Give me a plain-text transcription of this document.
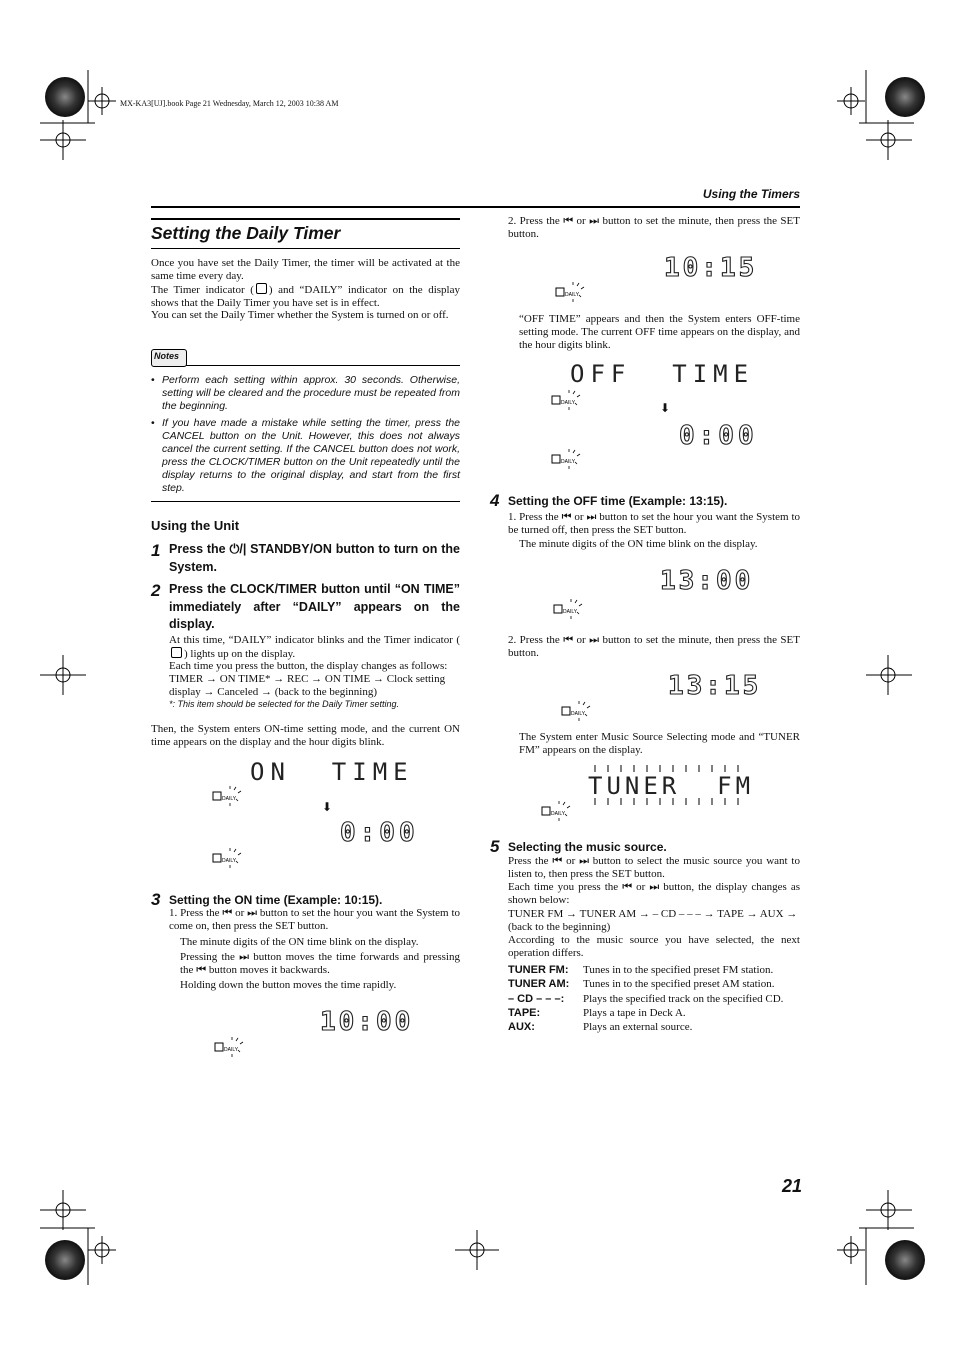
MX-KA3[UJ].book Page 21 Wednesday, March 12, 2003 10:38 AM
Using the Timers
Setting the Daily Timer
Once you have set the Daily Timer, the timer will be activated at the same time every day.
The Timer indicator ( ) and “DAILY” indicator on the display shows that the Daily Timer you have set is in effect.
You can set the Daily Timer whether the System is turned on or off.
Notes
• Perform each setting within approx. 30 seconds. Otherwise, setting will be cleared and the procedure must be repeated from the beginning.
• If you have made a mistake while setting the timer, press the CANCEL button on the Unit. However, this does not always cancel the current setting. If the CANCEL button does not work, press the CLOCK/TIMER button on the Unit repeatedly until the display returns to the original display, and start from the first step.
Using the Unit
1 Press the ⏻/| STANDBY/ON button to turn on the System.
2 Press the CLOCK/TIMER button until “ON TIME” immediately after “DAILY” appears on the display.
At this time, “DAILY” indicator blinks and the Timer indicator () lights up on the display.
Each time you press the button, the display changes as follows:
TIMER → ON TIME* → REC → ON TIME → Clock setting display → Canceled → (back to the beginning)
*: This item should be selected for the Daily Timer setting.
Then, the System enters ON-time setting mode, and the current ON time appears on the display and the hour digits blink.
ON  TIME
DAILY
⬇
0:00
DAILY
3 Setting the ON time (Example: 10:15).
1. Press the ⏮ or ⏭ button to set the hour you want the System to come on, then press the SET button.
The minute digits of the ON time blink on the display.
Pressing the ⏭ button moves the time forwards and pressing the ⏮ button moves it backwards.
Holding down the button moves the time rapidly.
10:00
DAILY
2. Press the ⏮ or ⏭ button to set the minute, then press the SET button.
10:15
DAILY
“OFF TIME” appears and then the System enters OFF-time setting mode. The current OFF time appears on the display, and the hour digits blink.
OFF  TIME
DAILY	⬇
0:00
DAILY
4 Setting the OFF time (Example: 13:15).
1. Press the ⏮ or ⏭ button to set the hour you want the System to be turned off, then press the SET button.
The minute digits of the ON time blink on the display.
13:00
DAILY
2. Press the ⏮ or ⏭ button to set the minute, then press the SET button.
13:15
DAILY
The System enter Music Source Selecting mode and “TUNER FM” appears on the display.
TUNER  FM
DAILY
5 Selecting the music source.
Press the ⏮ or ⏭ button to select the music source you want to listen to, then press the SET button.
Each time you press the ⏮ or ⏭ button, the display changes as shown below:
TUNER FM → TUNER AM → – CD – – – → TAPE → AUX → (back to the beginning)
According to the music source you have selected, the next operation differs.
TUNER FM: Tunes in to the specified preset FM station.
TUNER AM: Tunes in to the specified preset AM station.
– CD – – –: Plays the specified track on the specified CD.
TAPE:	Plays a tape in Deck A.
AUX:	Plays an external source.
21
